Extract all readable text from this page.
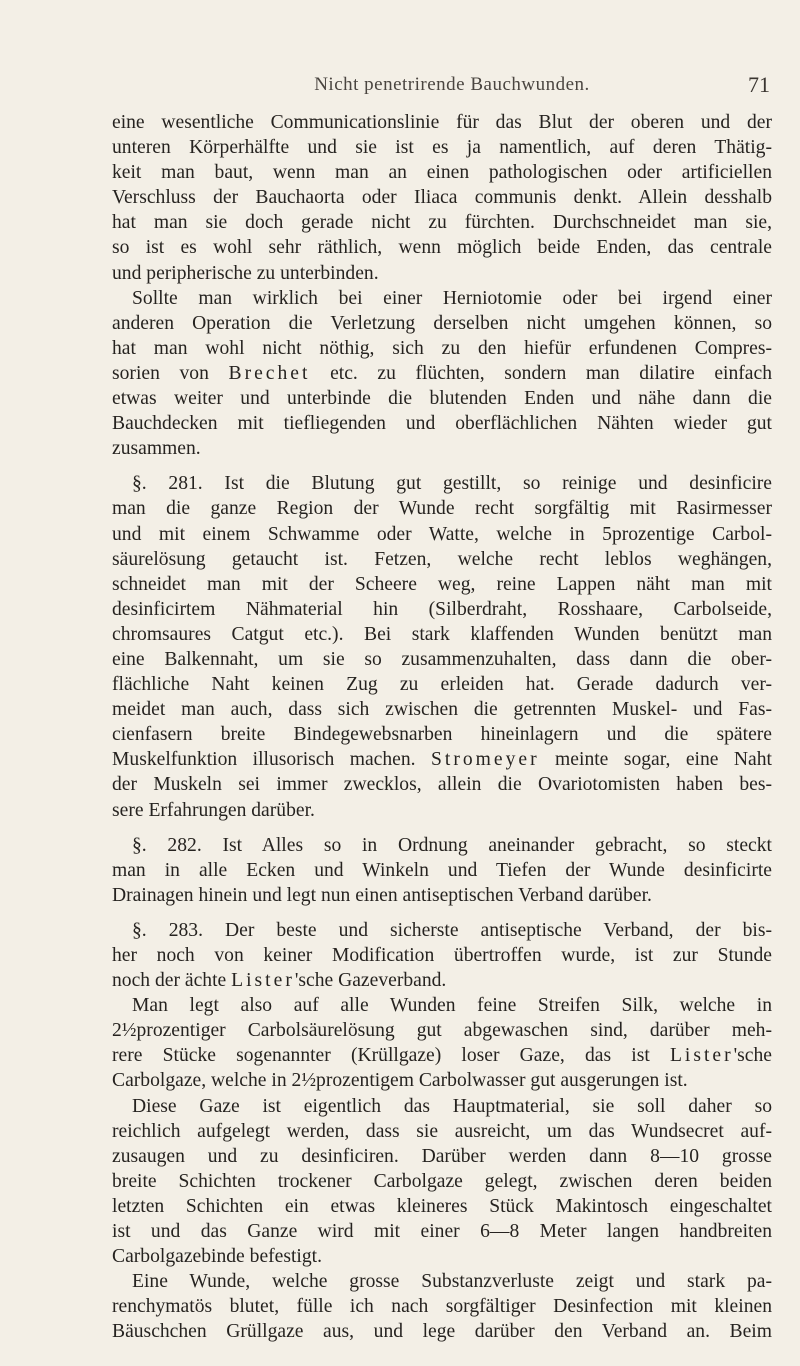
Nicht penetrirende Bauchwunden.	71
eine wesentliche Communicationslinie für das Blut der oberen und der
unteren Körperhälfte und sie ist es ja namentlich, auf deren Thätig-
keit man baut, wenn man an einen pathologischen oder artificiellen
Verschluss der Bauchaorta oder Iliaca communis denkt. Allein desshalb
hat man sie doch gerade nicht zu fürchten. Durchschneidet man sie,
so ist es wohl sehr räthlich, wenn möglich beide Enden, das centrale
und peripherische zu unterbinden.
Sollte man wirklich bei einer Herniotomie oder bei irgend einer
anderen Operation die Verletzung derselben nicht umgehen können, so
hat man wohl nicht nöthig, sich zu den hiefür erfundenen Compres-
sorien von Brechet etc. zu flüchten, sondern man dilatire einfach
etwas weiter und unterbinde die blutenden Enden und nähe dann die
Bauchdecken mit tiefliegenden und oberflächlichen Nähten wieder gut
zusammen.
§. 281. Ist die Blutung gut gestillt, so reinige und desinficire
man die ganze Region der Wunde recht sorgfältig mit Rasirmesser
und mit einem Schwamme oder Watte, welche in 5prozentige Carbol-
säurelösung getaucht ist. Fetzen, welche recht leblos weghängen,
schneidet man mit der Scheere weg, reine Lappen näht man mit
desinficirtem Nähmaterial hin (Silberdraht, Rosshaare, Carbolseide,
chromsaures Catgut etc.). Bei stark klaffenden Wunden benützt man
eine Balkennaht, um sie so zusammenzuhalten, dass dann die ober-
flächliche Naht keinen Zug zu erleiden hat. Gerade dadurch ver-
meidet man auch, dass sich zwischen die getrennten Muskel- und Fas-
cienfasern breite Bindegewebsnarben hineinlagern und die spätere
Muskelfunktion illusorisch machen. Stromeyer meinte sogar, eine Naht
der Muskeln sei immer zwecklos, allein die Ovariotomisten haben bes-
sere Erfahrungen darüber.
§. 282. Ist Alles so in Ordnung aneinander gebracht, so steckt
man in alle Ecken und Winkeln und Tiefen der Wunde desinficirte
Drainagen hinein und legt nun einen antiseptischen Verband darüber.
§. 283. Der beste und sicherste antiseptische Verband, der bis-
her noch von keiner Modification übertroffen wurde, ist zur Stunde
noch der ächte Lister'sche Gazeverband.
Man legt also auf alle Wunden feine Streifen Silk, welche in
2½prozentiger Carbolsäurelösung gut abgewaschen sind, darüber meh-
rere Stücke sogenannter (Krüllgaze) loser Gaze, das ist Lister'sche
Carbolgaze, welche in 2½prozentigem Carbolwasser gut ausgerungen ist.
Diese Gaze ist eigentlich das Hauptmaterial, sie soll daher so
reichlich aufgelegt werden, dass sie ausreicht, um das Wundsecret auf-
zusaugen und zu desinficiren. Darüber werden dann 8—10 grosse
breite Schichten trockener Carbolgaze gelegt, zwischen deren beiden
letzten Schichten ein etwas kleineres Stück Makintosch eingeschaltet
ist und das Ganze wird mit einer 6—8 Meter langen handbreiten
Carbolgazebinde befestigt.
Eine Wunde, welche grosse Substanzverluste zeigt und stark pa-
renchymatös blutet, fülle ich nach sorgfältiger Desinfection mit kleinen
Bäuschchen Grüllgaze aus, und lege darüber den Verband an. Beim
